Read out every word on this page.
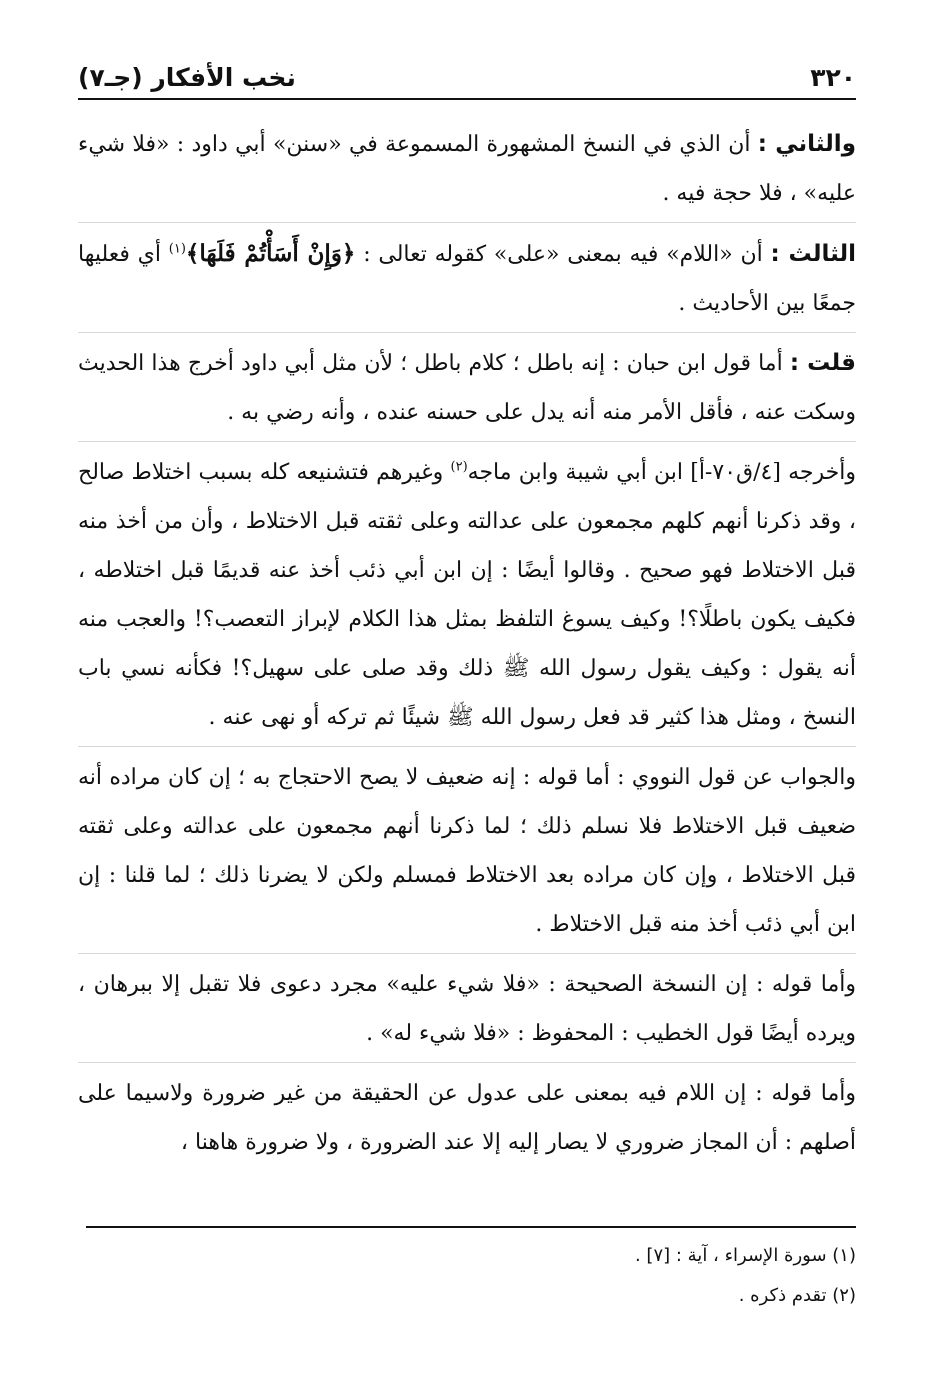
٣٢٠
نخب الأفكار (جـ٧)

والثاني : أن الذي في النسخ المشهورة المسموعة في «سنن» أبي داود : «فلا شيء عليه» ، فلا حجة فيه .

الثالث : أن «اللام» فيه بمعنى «على» كقوله تعالى : ﴿وَإِنْ أَسَأْتُمْ فَلَهَا﴾$^{(١)}$ أي فعليها جمعًا بين الأحاديث .

قلت : أما قول ابن حبان : إنه باطل ؛ كلام باطل ؛ لأن مثل أبي داود أخرج هذا الحديث وسكت عنه ، فأقل الأمر منه أنه يدل على حسنه عنده ، وأنه رضي به .

وأخرجه [٤/ق٧٠-أ] ابن أبي شيبة وابن ماجه$^{(٢)}$ وغيرهم فتشنيعه كله بسبب اختلاط صالح ، وقد ذكرنا أنهم كلهم مجمعون على عدالته وعلى ثقته قبل الاختلاط ، وأن من أخذ منه قبل الاختلاط فهو صحيح . وقالوا أيضًا : إن ابن أبي ذئب أخذ عنه قديمًا قبل اختلاطه ، فكيف يكون باطلًا؟! وكيف يسوغ التلفظ بمثل هذا الكلام لإبراز التعصب؟! والعجب منه أنه يقول : وكيف يقول رسول الله ﷺ ذلك وقد صلى على سهيل؟! فكأنه نسي باب النسخ ، ومثل هذا كثير قد فعل رسول الله ﷺ شيئًا ثم تركه أو نهى عنه .

والجواب عن قول النووي : أما قوله : إنه ضعيف لا يصح الاحتجاج به ؛ إن كان مراده أنه ضعيف قبل الاختلاط فلا نسلم ذلك ؛ لما ذكرنا أنهم مجمعون على عدالته وعلى ثقته قبل الاختلاط ، وإن كان مراده بعد الاختلاط فمسلم ولكن لا يضرنا ذلك ؛ لما قلنا : إن ابن أبي ذئب أخذ منه قبل الاختلاط .

وأما قوله : إن النسخة الصحيحة : «فلا شيء عليه» مجرد دعوى فلا تقبل إلا ببرهان ، ويرده أيضًا قول الخطيب : المحفوظ : «فلا شيء له» .

وأما قوله : إن اللام فيه بمعنى على عدول عن الحقيقة من غير ضرورة ولاسيما على أصلهم : أن المجاز ضروري لا يصار إليه إلا عند الضرورة ، ولا ضرورة هاهنا ،

(١) سورة الإسراء ، آية : [٧] .

(٢) تقدم ذكره .
